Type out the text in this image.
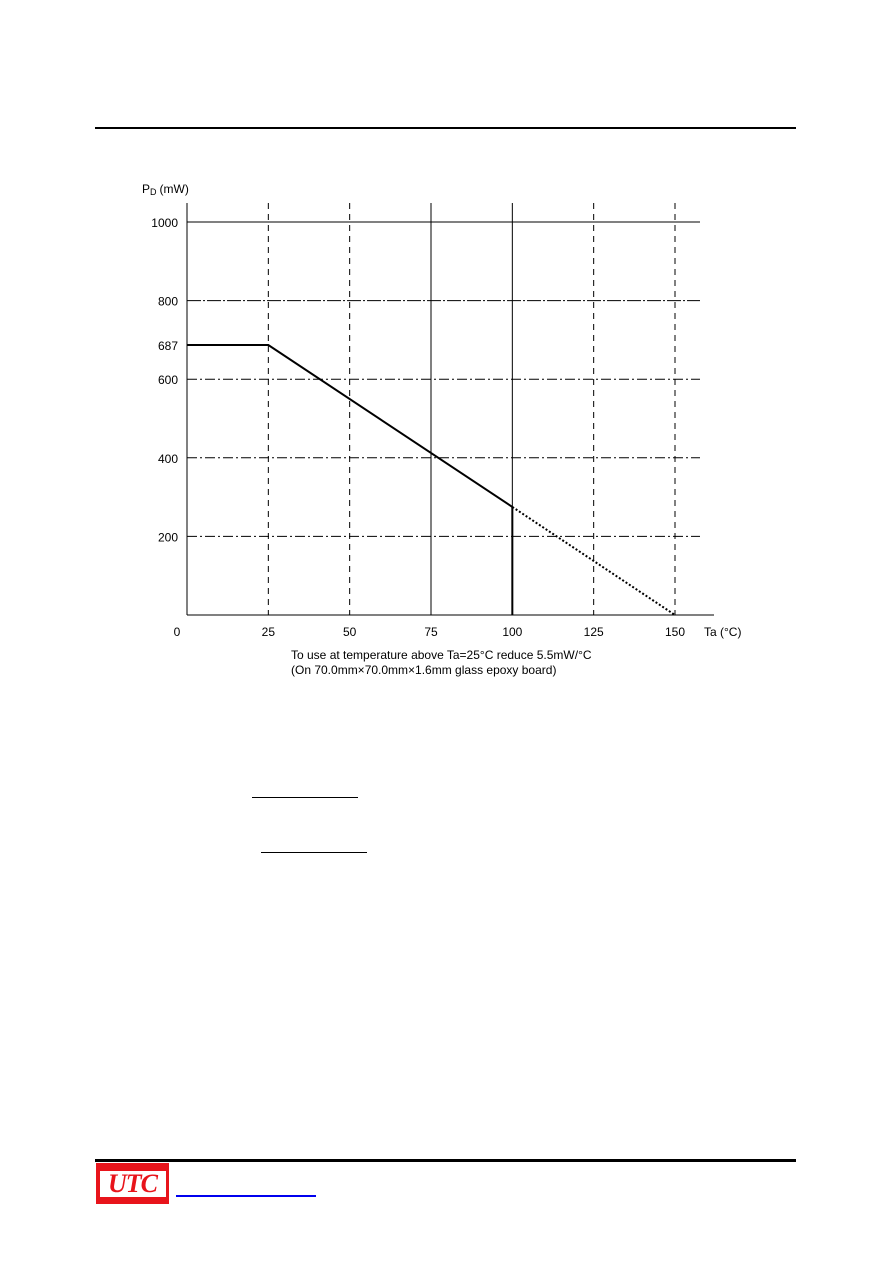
0	25	50	75	100	125	150
200
400
600
687
800
1000
PD (mW)
Ta (°C)
To use at temperature above Ta=25°C reduce 5.5mW/°C
(On 70.0mm×70.0mm×1.6mm glass epoxy board)
UTC
